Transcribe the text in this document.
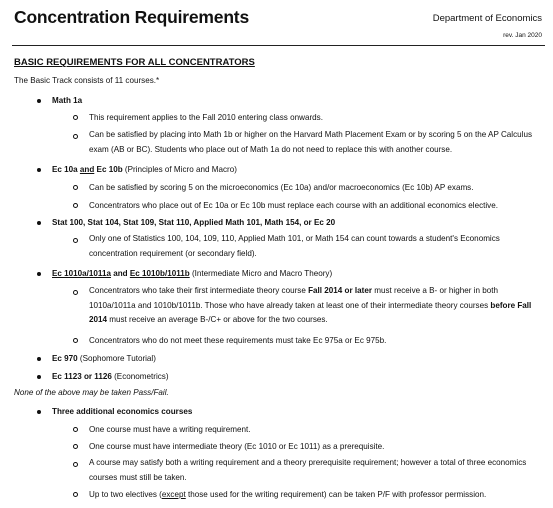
Concentration Requirements	Department of Economics
rev. Jan 2020
BASIC REQUIREMENTS FOR ALL CONCENTRATORS
The Basic Track consists of 11 courses.*
Math 1a
This requirement applies to the Fall 2010 entering class onwards.
Can be satisfied by placing into Math 1b or higher on the Harvard Math Placement Exam or by scoring 5 on the AP Calculus exam (AB or BC). Students who place out of Math 1a do not need to replace this with another course.
Ec 10a and Ec 10b (Principles of Micro and Macro)
Can be satisfied by scoring 5 on the microeconomics (Ec 10a) and/or macroeconomics (Ec 10b) AP exams.
Concentrators who place out of Ec 10a or Ec 10b must replace each course with an additional economics elective.
Stat 100, Stat 104, Stat 109, Stat 110, Applied Math 101, Math 154, or Ec 20
Only one of Statistics 100, 104, 109, 110, Applied Math 101, or Math 154 can count towards a student's Economics concentration requirement (or secondary field).
Ec 1010a/1011a and Ec 1010b/1011b (Intermediate Micro and Macro Theory)
Concentrators who take their first intermediate theory course Fall 2014 or later must receive a B- or higher in both 1010a/1011a and 1010b/1011b. Those who have already taken at least one of their intermediate theory courses before Fall 2014 must receive an average B-/C+ or above for the two courses.
Concentrators who do not meet these requirements must take Ec 975a or Ec 975b.
Ec 970 (Sophomore Tutorial)
Ec 1123 or 1126 (Econometrics)
None of the above may be taken Pass/Fail.
Three additional economics courses
One course must have a writing requirement.
One course must have intermediate theory (Ec 1010 or Ec 1011) as a prerequisite.
A course may satisfy both a writing requirement and a theory prerequisite requirement; however a total of three economics courses must still be taken.
Up to two electives (except those used for the writing requirement) can be taken P/F with professor permission.
